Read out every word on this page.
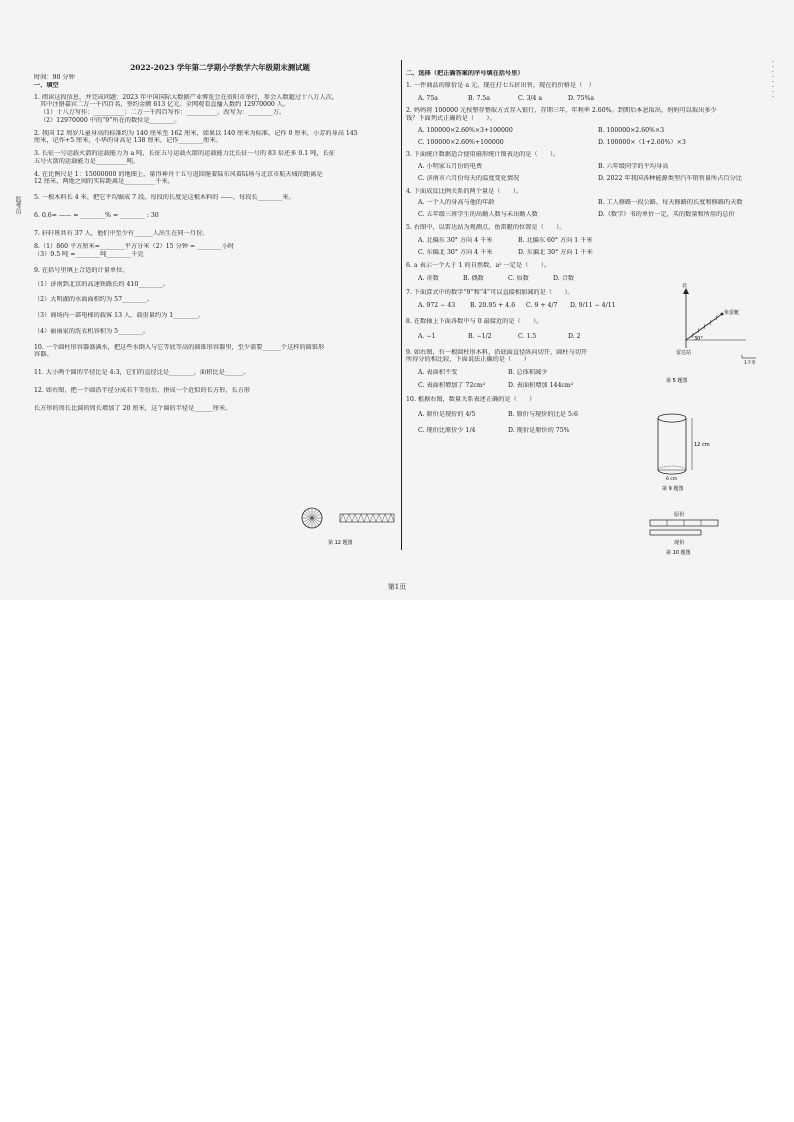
监考员
·
·
·
·
·
·
·
·
2022-2023 学年第二学期小学数学六年级期末测试题

时间：90 分钟

一、填空

1. 阅读这段信息，并完成问题：2023 年中国国际大数据产业博览会在贵阳市举行，参会人数超过十八万人次，

其中注册嘉宾二万一千四百名，签约金额 613 亿元。全网观看直播人数约 12970000 人。

（1）十八万写作：__________；二万一千四百写作：__________，改写为：________万。

（2）12970000 中的“9”所在的数位是________。

2. 我国 12 周岁儿童身高的标准约为 140 厘米至 162 厘米，如果以 140 厘米为标准，记作 0 厘米，小芳的身高 145

厘米，记作+5 厘米，小华的身高是 138 厘米，记作________厘米。

3. 长征一号运载火箭的运载能力为 a 吨，长征五号运载火箭的运载能力比长征一号的 83 倍还多 0.1 吨，长征

五号火箭的运载能力是__________吨。

4. 在比例尺是 1：15000000 的地图上，量得神舟十五号返回舱着陆东风着陆场与北京市航天城的距离是

12 厘米，两地之间的实际距离是__________千米。

5. 一根木料长 4 米，把它平均锯成 7 段。每段的长度是这根木料的 ——，每段长________米。

6. 0.6= —— = ________% = ________ : 30

7. 轩轩班共有 37 人，他们中至少有______人出生在同一月份。

8.（1）860 平方厘米=________平方分米（2）15 分钟 = ________小时

（3）9.5 吨 =________吨________千克

9. 在括号里填上合适的计量单位。

（1）济南到北京的高速铁路长约 410________。

（2）大明湖的水面面积约为 57________。

（3）商场内一部电梯的载客 13 人，载重量约为 1________。

（4）丽丽家的洗衣机容积为 5________。

10. 一个圆柱形容器盛满水，把这些水倒入与它等底等高的圆锥形容器里，至少需要______个这样的圆锥形

容器。

11. 大小两个圆的半径比是 4:3，它们的直径比是________，面积比是______。

12. 如右图，把一个圆沿半径分成若干等份后，拼成一个近似的长方形，长方形

长方形的周长比圆的周长增加了 20 厘米，这个圆的半径是______厘米。

第 12 题图

二、选择（把正确答案的序号填在括号里）

1. 一件商品的原价是 a 元，现在打七五折出售，现在的价格是（　）

A. 75a	B. 7.5a	C. 3/4 a	D. 75%a

2. 妈妈将 100000 元按整存整取方式存入银行，存期三年，年利率 2.60%。到期后本息取出，妈妈可以取出多少

钱？下面列式正确的是（　　）。

A. 100000×2.60%×3+100000	B. 100000×2.60%×3

C. 100000×2.60%+100000	D. 100000×（1+2.60%）×3

3. 下面统计数据适合使用扇形统计图表达的是（　　）。

A. 小明家五月份的电费	B. 六年级同学的平均身高

C. 济南市六月份每天的温度变化情况	D. 2022 年我国各种能源类型汽车销售量所占百分比

4. 下面成反比例关系的两个量是（　　）。

A. 一个人的身高与他的年龄	B. 工人修路一段公路，每天修路的长度和修路的天数

C. 五年级三班学生的出勤人数与未出勤人数	D.《数学》书的单价一定，买的数量和所用的总价

5. 右图中，以雷达站为观测点，鱼雷艇的位置是（　　）。

A. 北偏东 30° 方向 4 千米	B. 北偏东 60° 方向 1 千米

C. 东偏北 30° 方向 4 千米	D. 东偏北 30° 方向 1 千米

6. a 表示一个大于 1 的自然数，a² 一定是（　　）。

A. 奇数	B. 偶数	C. 质数	D. 合数

7. 下面算式中的数字“9”和“4”可以直接相加减的是（　　）。

A. 972 − 43 B. 20.95 + 4.6 C. 9 + 4/7 D. 9/11 − 4/11

8. 在数轴上下面各数中与 0 最接近的是（　　）。

A. −1	B. −1/2	C. 1.5	D. 2

9. 如右图，有一根圆柱形木料，沿底面直径纵向切开，圆柱与切开

所得分的相比较，下面说法正确的是（　　）

A. 表面积不变	B. 总体积减少

C. 表面积增加了 72cm²	D. 表面积增加 144cm²

10. 根据右图，数量关系表述正确的是（　　）

A. 原价是现价的 4/5	B. 原价与现价的比是 5:6

C. 现价比原价少 1/4	D. 现价是原价的 75%

北
鱼雷艇
30°
雷达站
1千米
第 5 题图
12 cm
6 cm
第 9 题图
原价
现价
第 10 题图
第1页
